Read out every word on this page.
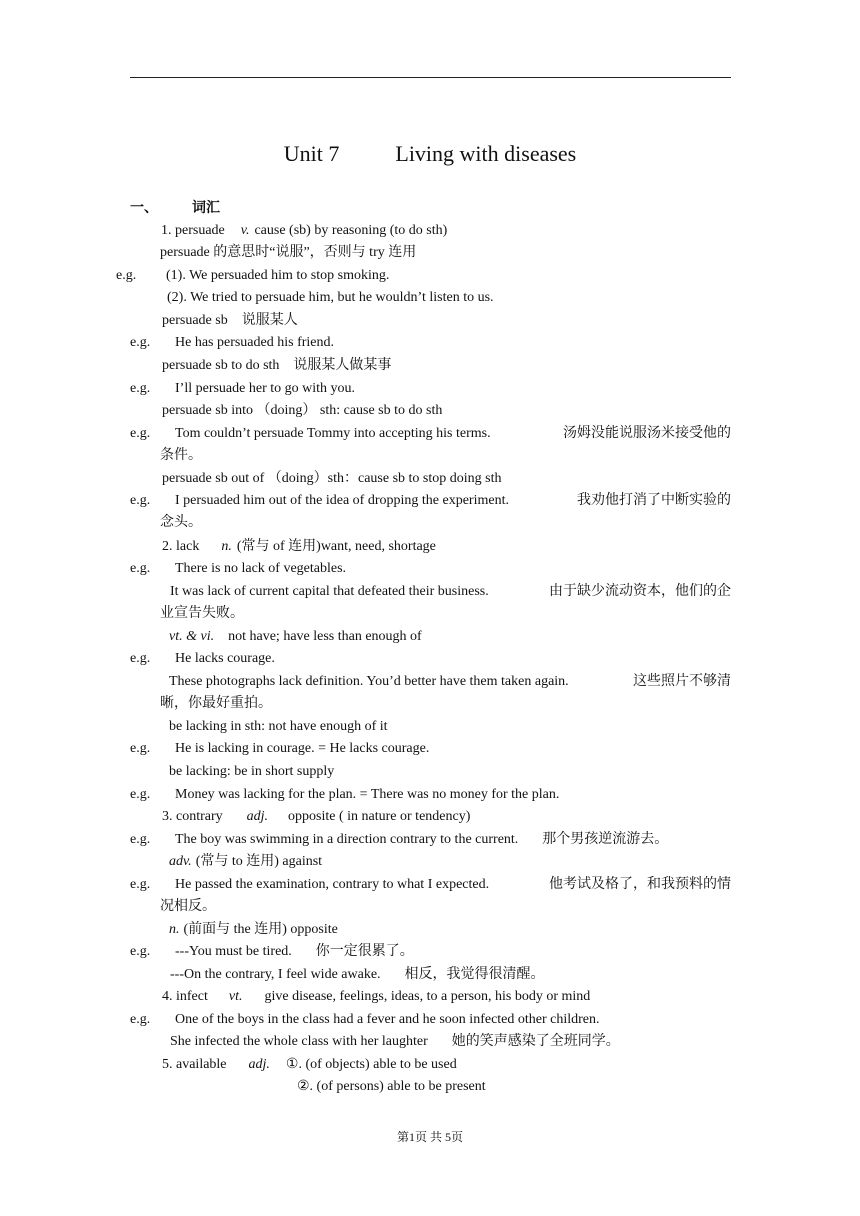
Unit 7	Living with diseases
一、 词汇
1. persuade v. cause (sb) by reasoning (to do sth)
persuade 的意思时“说服”，否则与 try 连用
e.g. (1). We persuaded him to stop smoking.
(2). We tried to persuade him, but he wouldn’t listen to us.
persuade sb　说服某人
e.g. He has persuaded his friend.
persuade sb to do sth　说服某人做某事
e.g. I’ll persuade her to go with you.
persuade sb into （doing） sth: cause sb to do sth
e.g. Tom couldn’t persuade Tommy into accepting his terms.	汤姆没能说服汤米接受他的
条件。
persuade sb out of （doing）sth：cause sb to stop doing sth
e.g. I persuaded him out of the idea of dropping the experiment.	我劝他打消了中断实验的
念头。
2. lack n. (常与 of 连用)want, need, shortage
e.g. There is no lack of vegetables.
It was lack of current capital that defeated their business.	由于缺少流动资本，他们的企
业宣告失败。
vt. & vi. not have; have less than enough of
e.g. He lacks courage.
These photographs lack definition. You’d better have them taken again.	这些照片不够清
晰，你最好重拍。
be lacking in sth: not have enough of it
e.g. He is lacking in courage. = He lacks courage.
be lacking: be in short supply
e.g. Money was lacking for the plan. = There was no money for the plan.
3. contrary adj. opposite ( in nature or tendency)
e.g. The boy was swimming in a direction contrary to the current. 那个男孩逆流游去。
adv. (常与 to 连用) against
e.g. He passed the examination, contrary to what I expected.	他考试及格了，和我预料的情
况相反。
n. (前面与 the 连用) opposite
e.g. ---You must be tired. 你一定很累了。
---On the contrary, I feel wide awake. 相反，我觉得很清醒。
4. infect vt. give disease, feelings, ideas, to a person, his body or mind
e.g. One of the boys in the class had a fever and he soon infected other children.
She infected the whole class with her laughter 她的笑声感染了全班同学。
5. available adj. ①. (of objects) able to be used
②. (of persons) able to be present
第1页 共 5页
